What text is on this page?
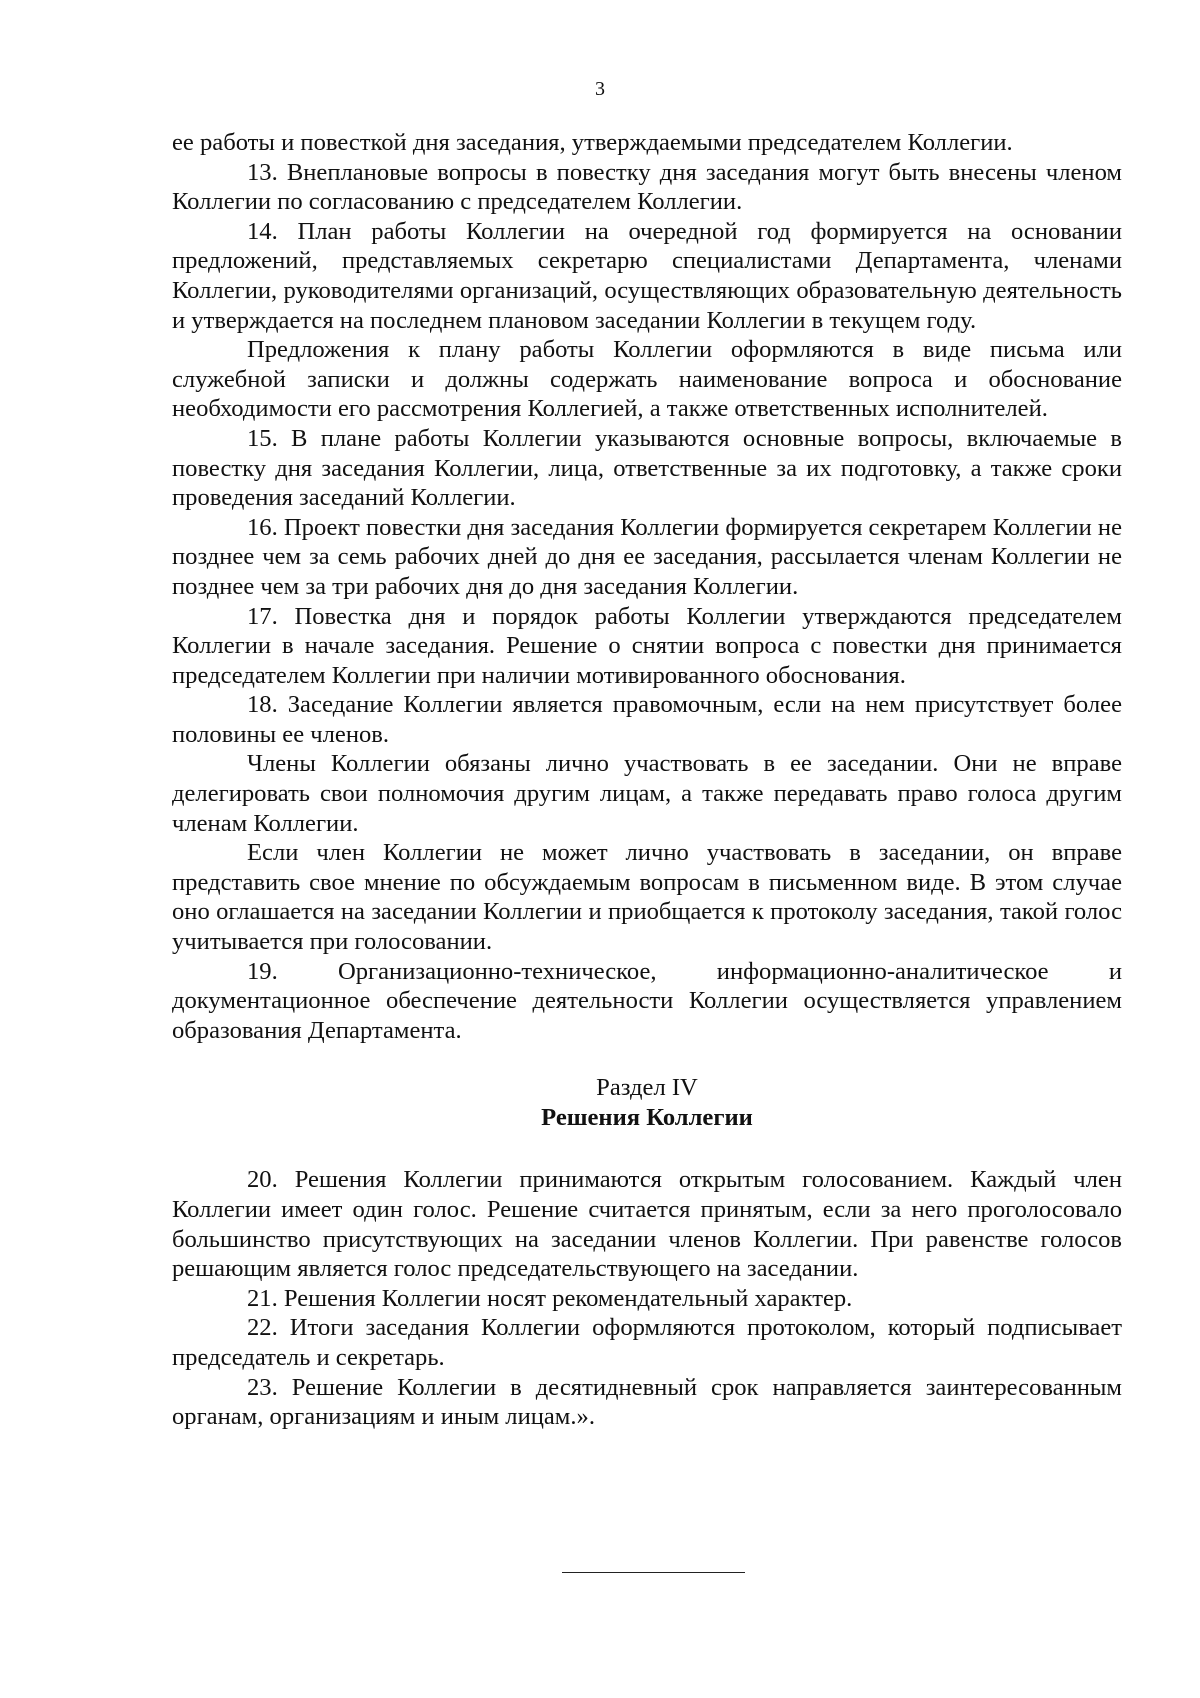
3

ее работы и повесткой дня заседания, утверждаемыми председателем Коллегии.

13. Внеплановые вопросы в повестку дня заседания могут быть внесены членом Коллегии по согласованию с председателем Коллегии.

14. План работы Коллегии на очередной год формируется на основании предложений, представляемых секретарю специалистами Департамента, членами Коллегии, руководителями организаций, осуществляющих образовательную деятельность и утверждается на последнем плановом заседании Коллегии в текущем году.

Предложения к плану работы Коллегии оформляются в виде письма или служебной записки и должны содержать наименование вопроса и обоснование необходимости его рассмотрения Коллегией, а также ответственных исполнителей.

15. В плане работы Коллегии указываются основные вопросы, включаемые в повестку дня заседания Коллегии, лица, ответственные за их подготовку, а также сроки проведения заседаний Коллегии.

16. Проект повестки дня заседания Коллегии формируется секретарем Коллегии не позднее чем за семь рабочих дней до дня ее заседания, рассылается членам Коллегии не позднее чем за три рабочих дня до дня заседания Коллегии.

17. Повестка дня и порядок работы Коллегии утверждаются председателем Коллегии в начале заседания. Решение о снятии вопроса с повестки дня принимается председателем Коллегии при наличии мотивированного обоснования.

18. Заседание Коллегии является правомочным, если на нем присутствует более половины ее членов.

Члены Коллегии обязаны лично участвовать в ее заседании. Они не вправе делегировать свои полномочия другим лицам, а также передавать право голоса другим членам Коллегии.

Если член Коллегии не может лично участвовать в заседании, он вправе представить свое мнение по обсуждаемым вопросам в письменном виде. В этом случае оно оглашается на заседании Коллегии и приобщается к протоколу заседания, такой голос учитывается при голосовании.

19. Организационно-техническое, информационно-аналитическое и документационное обеспечение деятельности Коллегии осуществляется управлением образования Департамента.

Раздел IV
Решения Коллегии

20. Решения Коллегии принимаются открытым голосованием. Каждый член Коллегии имеет один голос. Решение считается принятым, если за него проголосовало большинство присутствующих на заседании членов Коллегии. При равенстве голосов решающим является голос председательствующего на заседании.

21. Решения Коллегии носят рекомендательный характер.

22. Итоги заседания Коллегии оформляются протоколом, который подписывает председатель и секретарь.

23. Решение Коллегии в десятидневный срок направляется заинтересованным органам, организациям и иным лицам.».
